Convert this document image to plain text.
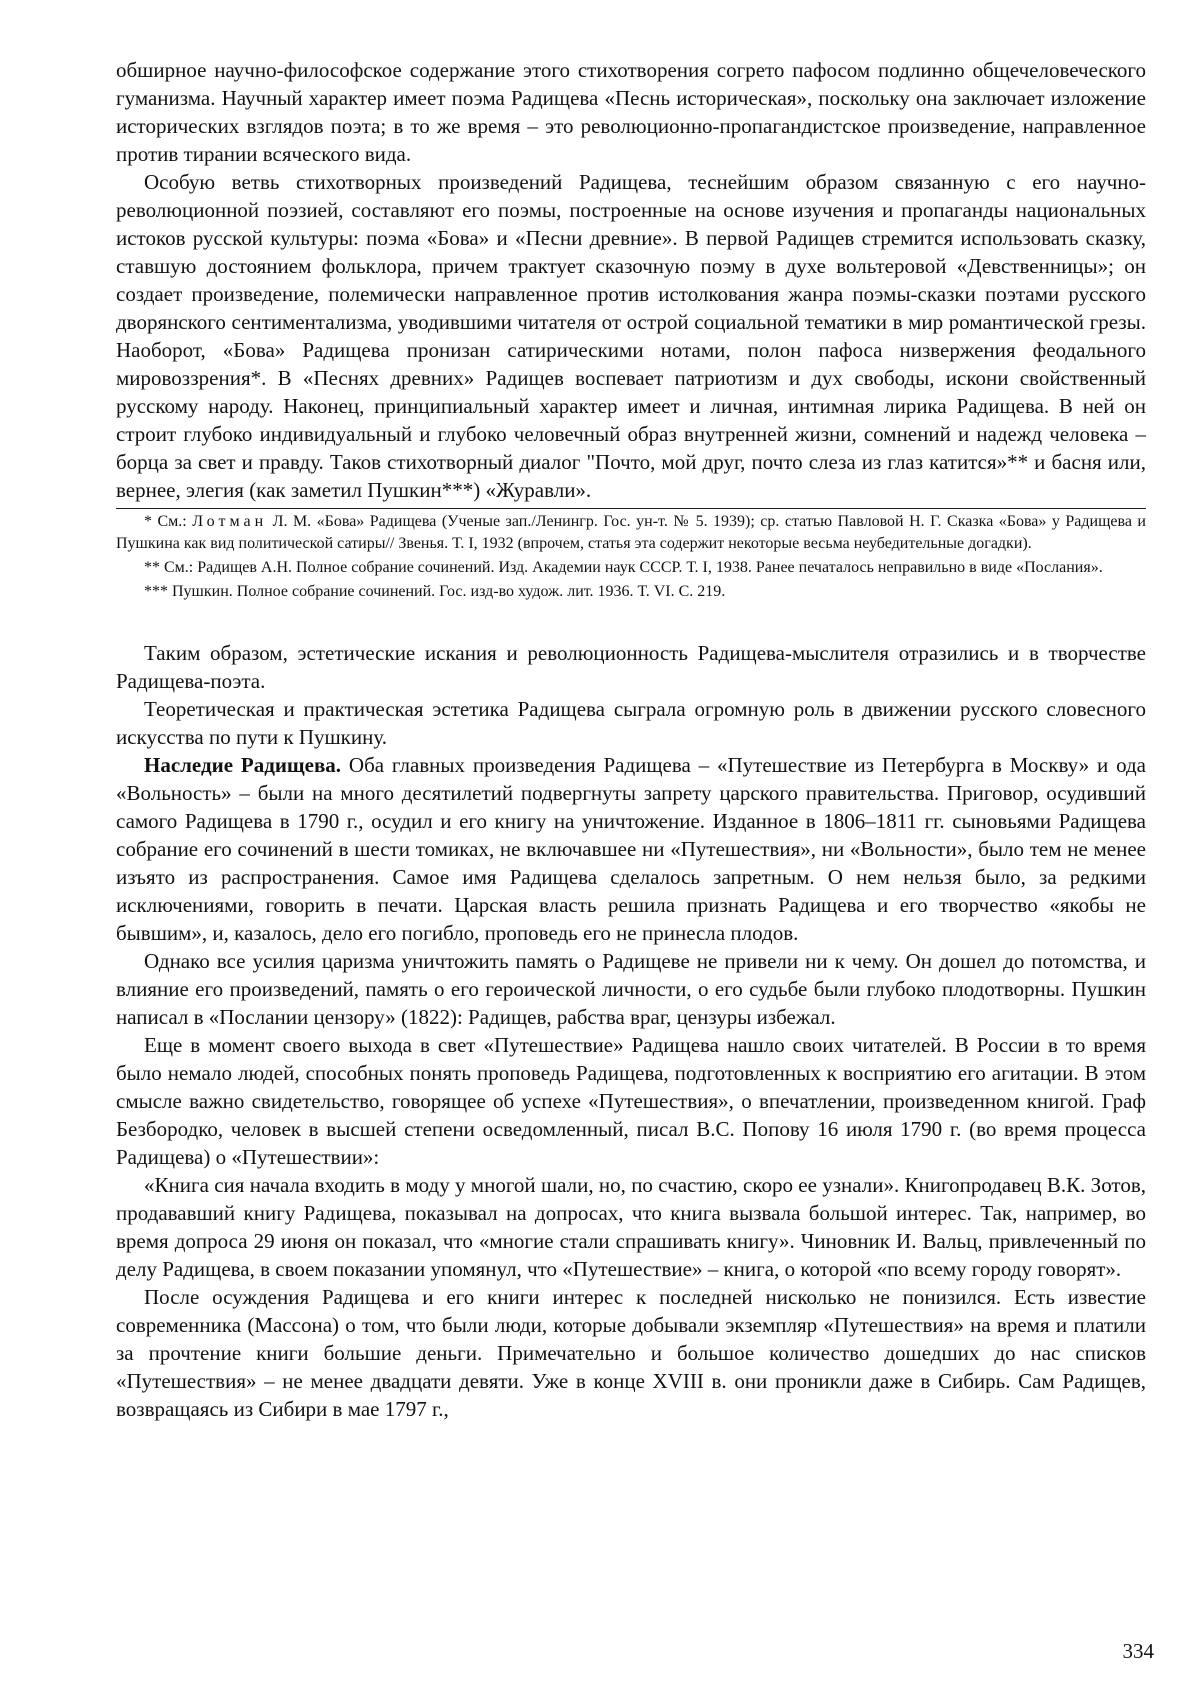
обширное научно-философское содержание этого стихотворения согрето пафосом подлинно общечеловеческого гуманизма. Научный характер имеет поэма Радищева «Песнь историческая», поскольку она заключает изложение исторических взглядов поэта; в то же время – это революционно-пропагандистское произведение, направленное против тирании всяческого вида.

Особую ветвь стихотворных произведений Радищева, теснейшим образом связанную с его научно-революционной поэзией, составляют его поэмы, построенные на основе изучения и пропаганды национальных истоков русской культуры: поэма «Бова» и «Песни древние». В первой Радищев стремится использовать сказку, ставшую достоянием фольклора, причем трактует сказочную поэму в духе вольтеровой «Девственницы»; он создает произведение, полемически направленное против истолкования жанра поэмы-сказки поэтами русского дворянского сентиментализма, уводившими читателя от острой социальной тематики в мир романтической грезы. Наоборот, «Бова» Радищева пронизан сатирическими нотами, полон пафоса низвержения феодального мировоззрения*. В «Песнях древних» Радищев воспевает патриотизм и дух свободы, искони свойственный русскому народу. Наконец, принципиальный характер имеет и личная, интимная лирика Радищева. В ней он строит глубоко индивидуальный и глубоко человечный образ внутренней жизни, сомнений и надежд человека – борца за свет и правду. Таков стихотворный диалог "Почто, мой друг, почто слеза из глаз катится»** и басня или, вернее, элегия (как заметил Пушкин***) «Журавли».

* См.: Лотман Л. М. «Бова» Радищева (Ученые зап./Ленингр. Гос. ун-т. № 5. 1939); ср. статью Павловой Н. Г. Сказка «Бова» у Радищева и Пушкина как вид политической сатиры// Звенья. Т. I, 1932 (впрочем, статья эта содержит некоторые весьма неубедительные догадки).

** См.: Радищев А.Н. Полное собрание сочинений. Изд. Академии наук СССР. Т. I, 1938. Ранее печаталось неправильно в виде «Послания».

*** Пушкин. Полное собрание сочинений. Гос. изд-во худож. лит. 1936. Т. VI. С. 219.

Таким образом, эстетические искания и революционность Радищева-мыслителя отразились и в творчестве Радищева-поэта.

Теоретическая и практическая эстетика Радищева сыграла огромную роль в движении русского словесного искусства по пути к Пушкину.

Наследие Радищева. Оба главных произведения Радищева – «Путешествие из Петербурга в Москву» и ода «Вольность» – были на много десятилетий подвергнуты запрету царского правительства. Приговор, осудивший самого Радищева в 1790 г., осудил и его книгу на уничтожение. Изданное в 1806–1811 гг. сыновьями Радищева собрание его сочинений в шести томиках, не включавшее ни «Путешествия», ни «Вольности», было тем не менее изъято из распространения. Самое имя Радищева сделалось запретным. О нем нельзя было, за редкими исключениями, говорить в печати. Царская власть решила признать Радищева и его творчество «якобы не бывшим», и, казалось, дело его погибло, проповедь его не принесла плодов.

Однако все усилия царизма уничтожить память о Радищеве не привели ни к чему. Он дошел до потомства, и влияние его произведений, память о его героической личности, о его судьбе были глубоко плодотворны. Пушкин написал в «Послании цензору» (1822): Радищев, рабства враг, цензуры избежал.

Еще в момент своего выхода в свет «Путешествие» Радищева нашло своих читателей. В России в то время было немало людей, способных понять проповедь Радищева, подготовленных к восприятию его агитации. В этом смысле важно свидетельство, говорящее об успехе «Путешествия», о впечатлении, произведенном книгой. Граф Безбородко, человек в высшей степени осведомленный, писал В.С. Попову 16 июля 1790 г. (во время процесса Радищева) о «Путешествии»:

«Книга сия начала входить в моду у многой шали, но, по счастию, скоро ее узнали». Книгопродавец В.К. Зотов, продававший книгу Радищева, показывал на допросах, что книга вызвала большой интерес. Так, например, во время допроса 29 июня он показал, что «многие стали спрашивать книгу». Чиновник И. Вальц, привлеченный по делу Радищева, в своем показании упомянул, что «Путешествие» – книга, о которой «по всему городу говорят».

После осуждения Радищева и его книги интерес к последней нисколько не понизился. Есть известие современника (Массона) о том, что были люди, которые добывали экземпляр «Путешествия» на время и платили за прочтение книги большие деньги. Примечательно и большое количество дошедших до нас списков «Путешествия» – не менее двадцати девяти. Уже в конце XVIII в. они проникли даже в Сибирь. Сам Радищев, возвращаясь из Сибири в мае 1797 г.,

334
